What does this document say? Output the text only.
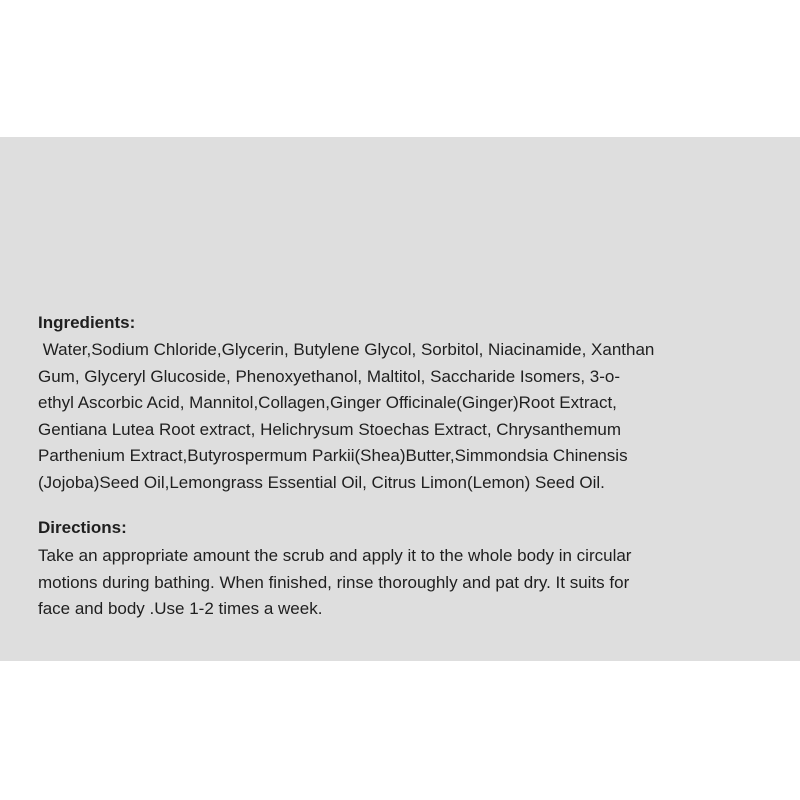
Ingredients:

Water,Sodium Chloride,Glycerin, Butylene Glycol, Sorbitol, Niacinamide, Xanthan
Gum, Glyceryl Glucoside, Phenoxyethanol, Maltitol, Saccharide Isomers, 3-o-
ethyl Ascorbic Acid, Mannitol,Collagen,Ginger Officinale(Ginger)Root Extract,
Gentiana Lutea Root extract, Helichrysum Stoechas Extract, Chrysanthemum
Parthenium Extract,Butyrospermum Parkii(Shea)Butter,Simmondsia Chinensis
(Jojoba)Seed Oil,Lemongrass Essential Oil, Citrus Limon(Lemon) Seed Oil.

Directions:

Take an appropriate amount the scrub and apply it to the whole body in circular
motions during bathing. When finished, rinse thoroughly and pat dry. It suits for
face and body .Use 1-2 times a week.
